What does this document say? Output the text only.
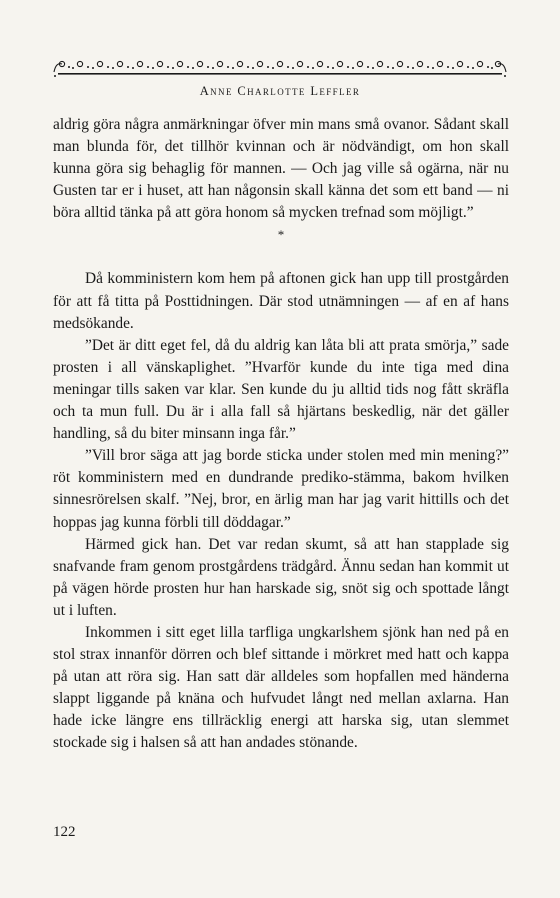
Anne Charlotte Leffler

aldrig göra några anmärkningar öfver min mans små ovanor. Sådant skall man blunda för, det tillhör kvinnan och är nödvändigt, om hon skall kunna göra sig behaglig för mannen. — Och jag ville så ogärna, när nu Gusten tar er i huset, att han någonsin skall känna det som ett band — ni böra alltid tänka på att göra honom så mycken trefnad som möjligt.”

*

Då komministern kom hem på aftonen gick han upp till prostgården för att få titta på Posttidningen. Där stod utnämningen — af en af hans medsökande.

”Det är ditt eget fel, då du aldrig kan låta bli att prata smörja,” sade prosten i all vänskaplighet. ”Hvarför kunde du inte tiga med dina meningar tills saken var klar. Sen kunde du ju alltid tids nog fått skräfla och ta mun full. Du är i alla fall så hjärtans beskedlig, när det gäller handling, så du biter minsann inga får.”

”Vill bror säga att jag borde sticka under stolen med min mening?” röt komministern med en dundrande prediko-stämma, bakom hvilken sinnesrörelsen skalf. ”Nej, bror, en ärlig man har jag varit hittills och det hoppas jag kunna förbli till döddagar.”

Härmed gick han. Det var redan skumt, så att han stapplade sig snafvande fram genom prostgårdens trädgård. Ännu sedan han kommit ut på vägen hörde prosten hur han harskade sig, snöt sig och spottade långt ut i luften.

Inkommen i sitt eget lilla tarfliga ungkarlshem sjönk han ned på en stol strax innanför dörren och blef sittande i mörkret med hatt och kappa på utan att röra sig. Han satt där alldeles som hopfallen med händerna slappt liggande på knäna och hufvudet långt ned mellan axlarna. Han hade icke längre ens tillräcklig energi att harska sig, utan slemmet stockade sig i halsen så att han andades stönande.

122
